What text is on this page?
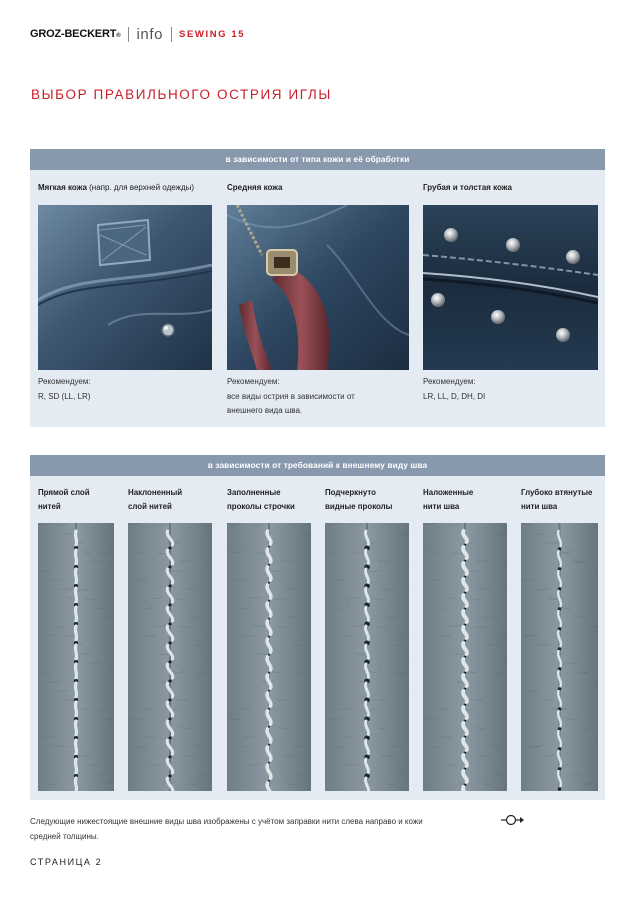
GROZ-BECKERT® info SEWING 15
ВЫБОР ПРАВИЛЬНОГО ОСТРИЯ ИГЛЫ
в зависимости от типа кожи и её обработки
Мягкая кожа (напр. для верхней одежды)
Рекомендуем:
R, SD (LL, LR)
Средняя кожа
Рекомендуем:
все виды острия в зависимости от
внешнего вида шва.
Грубая и толстая кожа
Рекомендуем:
LR, LL, D, DH, DI
в зависимости от требований к внешнему виду шва
Прямой слой
нитей
Наклоненный
слой нитей
Заполненные
проколы строчки
Подчеркнуто
видные проколы
Наложенные
нити шва
Глубоко втянутые
нити шва
Следующие нижестоящие внешние виды шва изображены с учётом заправки нити слева направо и кожи
средней толщины.
СТРАНИЦА 2
